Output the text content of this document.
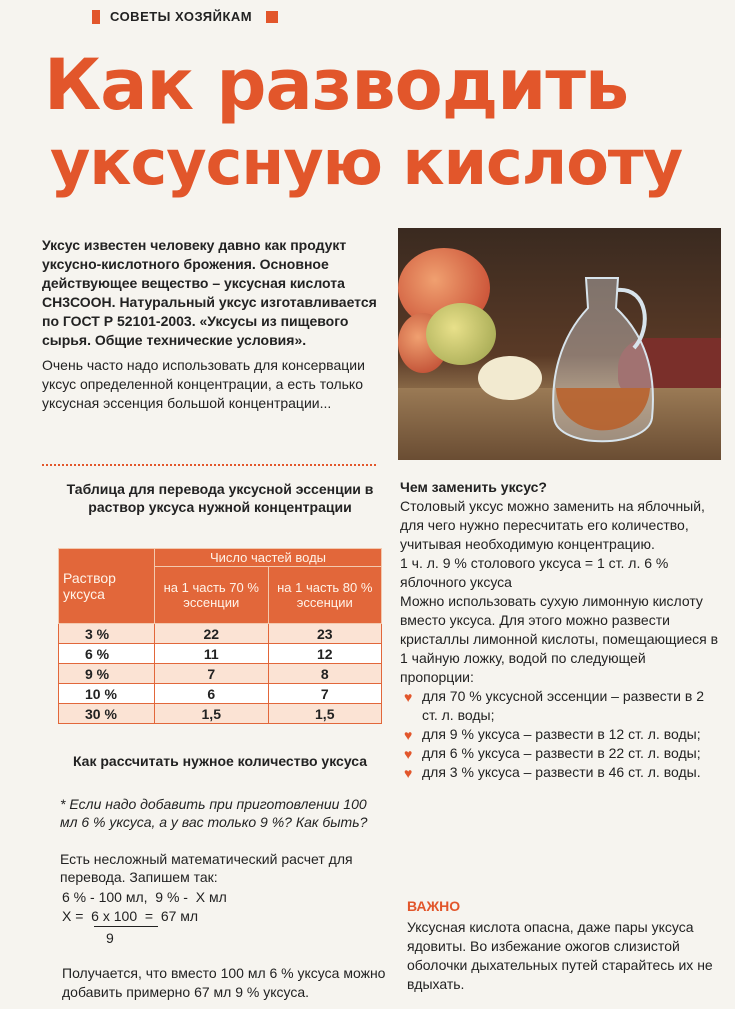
СОВЕТЫ ХОЗЯЙКАМ
Как разводить
уксусную кислоту
Уксус известен человеку давно как продукт уксусно-кислотного брожения. Основное действующее вещество – уксусная кислота СН3СООН. Натуральный уксус изготавливается по ГОСТ Р 52101-2003. «Уксусы из пищевого сырья. Общие технические условия».
Очень часто надо использовать для консервации уксус определенной концентрации, а есть только уксусная эссенция большой концентрации...
Таблица для перевода уксусной эссенции в раствор уксуса нужной концентрации
Раствор уксуса	Число частей воды	
	на 1 часть 70 % эссенции	на 1 часть 80 % эссенции
3 %	22	23
6 %	11	12
9 %	7	8
10 %	6	7
30 %	1,5	1,5
Как рассчитать нужное количество уксуса
* Если надо добавить при приготовлении 100 мл 6 % уксуса, а у вас только 9 %? Как быть?
Есть несложный математический расчет для перевода. Запишем так:
6 % - 100 мл,  9 % -  Х мл
Х =  6 х 100  =  67 мл
9
Получается, что вместо 100 мл 6 % уксуса можно добавить примерно 67 мл 9 % уксуса.
Чем заменить уксус?
Столовый уксус можно заменить на яблочный, для чего нужно пересчитать его количество, учитывая необходимую концентрацию.
1 ч. л. 9 % столового уксуса = 1 ст. л. 6 % яблочного уксуса
Можно использовать сухую лимонную кислоту вместо уксуса. Для этого можно развести кристаллы лимонной кислоты, помещающиеся в 1 чайную ложку, водой по следующей пропорции:
♥ для 70 % уксусной эссенции – развести в 2 ст. л. воды;
♥ для 9 % уксуса – развести в 12 ст. л. воды;
♥ для 6 % уксуса – развести в 22 ст. л. воды;
♥ для 3 % уксуса – развести в 46 ст. л. воды.
ВАЖНО
Уксусная кислота опасна, даже пары уксуса ядовиты. Во избежание ожогов слизистой оболочки дыхательных путей старайтесь их не вдыхать.
